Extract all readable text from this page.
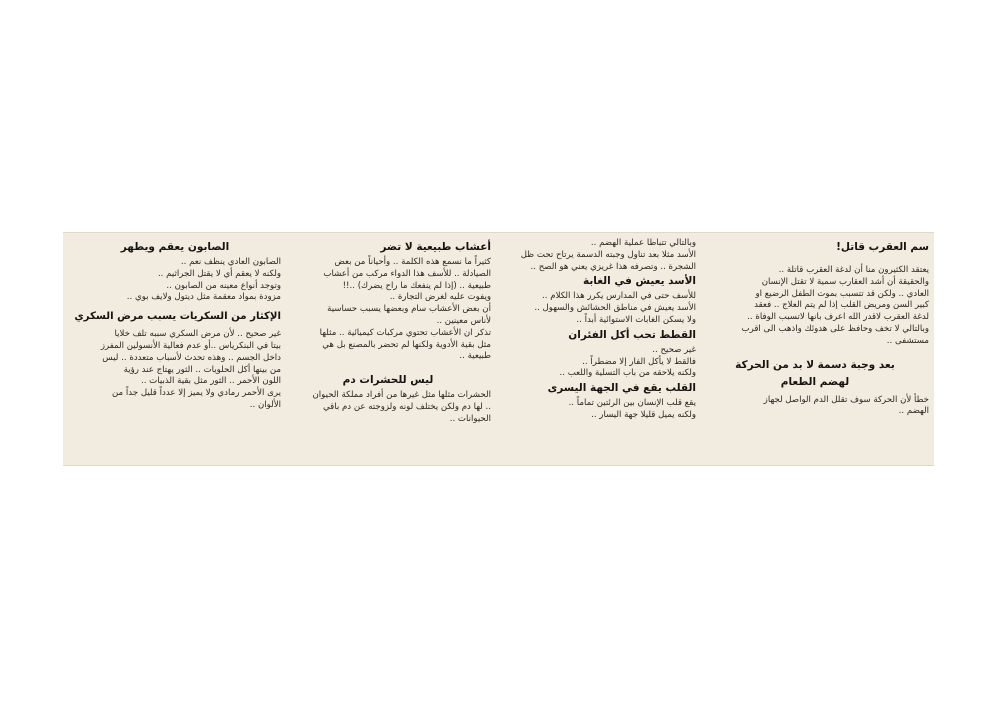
سم العقرب قاتل!
يعتقد الكثيرون منا أن لدغة العقرب قاتلة ..
والحقيقة أن أشد العقارب سمية لا تقتل الإنسان
العادي .. ولكن قد تتسبب بموت الطفل الرضيع او
كبير السن ومريض القلب إذا لم يتم العلاج .. فعقد
لدغة العقرب لاقدر الله اعرف بانها لاتسبب الوفاة ..
وبالتالي لا تخف وحافظ على هدوئك واذهب الى اقرب
مستشفى ..
بعد وجبة دسمة لا بد من الحركة
لهضم الطعام
خطأ لأن الحركة سوف تقلل الدم الواصل لجهاز
الهضم ..
وبالتالي تتباطأ عملية الهضم ..
الأسد مثلا بعد تناول وجبته الدسمة يرتاح تحت ظل
الشجرة .. وتصرفه هذا غريزي يعني هو الصح ..
الأسد يعيش في الغابة
للأسف حتى في المدارس يكرر هذا الكلام ..
الأسد يعيش في مناطق الحشائش والسهول ..
ولا يسكن الغابات الاستوائية أبداً ..
القطط تحب أكل الفئران
غير صحيح ..
فالقط لا يأكل الفار إلا مضطراً ..
ولكنه يلاحقه من باب التسلية واللعب ..
القلب يقع في الجهة اليسرى
يقع قلب الإنسان بين الرئتين تماماً ..
ولكنه يميل قليلا جهة اليسار ..
أعشاب طبيعية لا تضر
كثيراً ما نسمع هذه الكلمة .. وأحياناً من بعض
الصيادلة .. للأسف هذا الدواء مركب من أعشاب
طبيعية .. (إذا لم ينفعك ما راح يضرك) ..!!
ويفوت عليه لغرض التجارة ..
أن بعض الأعشاب سام وبعضها يسبب حساسية
لأناس معينين ..
تذكر ان الأعشاب تحتوي مركبات كيميائية .. مثلها
مثل بقية الأدوية ولكنها لم تحضر بالمصنع بل هي
طبيعية ..
ليس للحشرات دم
الحشرات مثلها مثل غيرها من أفراد مملكة الحيوان
.. لها دم ولكن يختلف لونه ولزوجته عن دم باقي
الحيوانات ..
الصابون يعقم ويطهر
الصابون العادي ينظف نعم ..
ولكنه لا يعقم أي لا يقتل الجراثيم ..
وتوجد أنواع معينه من الصابون ..
مزودة بمواد معقمة مثل ديتول ولايف بوي ..
الإكثار من السكريات يسبب مرض السكري
غير صحيح .. لأن مرض السكري سببه تلف خلايا
بيتا في البنكرياس ..أو عدم فعالية الأنسولين المفرز
داخل الجسم .. وهذه تحدث لأسباب متعددة .. ليس
من بينها أكل الحلويات .. الثور يهتاج عند رؤية
اللون الأحمر .. الثور مثل بقية الذبيات ..
يرى الأحمر رمادي ولا يميز إلا عدداً قليل جداً من
الألوان ..
